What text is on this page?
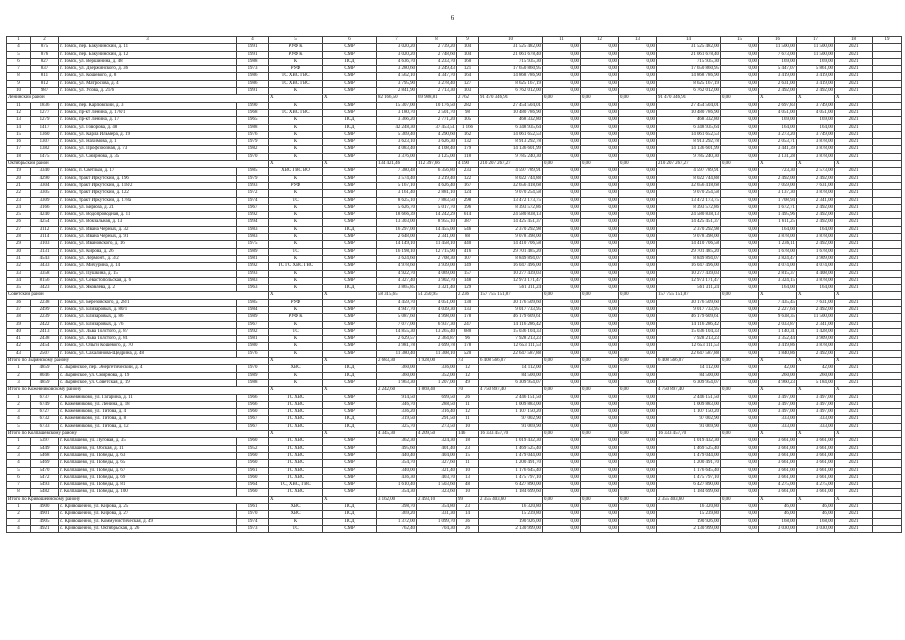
6
1	2	3	4	5	6	7	8	9	10	11	12	13	14	15	16	17	18	19
4	875	г. Томск, пер. Бакунинский, д. 11	1991	РУФ К	СМР	3 020,20	2 739,20	104	31 525 482,00	0,00	0,00	0,00	31 525 482,00	0,00	11 500,00	11 500,00	2021	
5	876	г. Томск, пер. Бакунинский, д. 12	1991	РУФ К	СМР	3 020,20	2 748,60	104	21 061 678,40	0,00	0,00	0,00	21 061 678,40	0,00	7 673,00	11 500,00	2021	
6	827	г. Томск, ул. Вершинина, д. 48	1988	К	ПСД	4 636,70	4 233,70	160	715 935,30	0,00	0,00	0,00	715 935,30	0,00	169,00	169,00	2021	
7	837	г. Томск, ул. Дзержинского, д. 36	1973	РУФ	СМР	3 280,60	3 249,43	121	17 650 860,95	0,00	0,00	0,00	17 650 860,95	0,00	5 447,07	5 861,00	2021	
8	811	г. Томск, ул. Кошевого, д. 8	1986	ТС ХВС ГВС	СМР	4 562,10	4 347,70	164	14 868 786,90	0,00	0,00	0,00	14 868 786,90	0,00	3 419,00	3 419,00	2021	
9	812	г. Томск, ул. Матросова, д. 4	1986	ТС ХВС ГВС	СМР	3 795,90	3 278,40	127	8 625 167,19	0,00	0,00	0,00	8 625 167,19	0,00	2 631,00	3 419,00	2021	
10	987	г. Томск, ул. Усова, д. 21/6	1991	К	СМР	2 841,90	2 713,30	103	6 762 012,00	0,00	0,00	0,00	6 762 012,00	0,00	2 492,00	2 492,00	2021	
Ленинский район				X	X	82 166,50	69 988,81	2 762	91 470 346,91	0,00	0,00	0,00	91 470 346,91	0,00	X	X	X	
11	1836	г. Томск, пер. Карповский, д. 3	1990	К	СМР	15 307,00	10 176,50	282	27 454 504,01	0,00	0,00	0,00	27 454 504,01	0,00	2 697,83	3 749,00	2021	
12	1277	г. Томск, пр-кт Ленина, д. 178/1	1968	ТС ХВС ГВС	СМР	3 180,70	2 501,70	98	10 480 786,90	0,00	0,00	0,00	10 480 786,90	0,00	4 051,00	4 051,00	2021	
13	1279	г. Томск, пр-кт Ленина, д. 17	1965	К	ПСД	3 366,20	2 771,20	105	468 332,80	0,00	0,00	0,00	468 332,80	0,00	169,00	169,00	2021	
14	1417	г. Томск, ул. Говорова, д. 48	1988	К	ПСД	42 248,30	37 453,51	1 166	6 348 935,64	0,00	0,00	0,00	6 348 935,64	0,00	164,00	164,00	2021	
15	1360	г. Томск, ул. Карла Ильмера, д. 19	1976	К	СМР	5 369,40	4 290,60	162	14 061 652,53	0,00	0,00	0,00	14 061 652,53	0,00	3 273,20	3 749,00	2021	
16	1307	г. Томск, ул. Нахимова, д. 1	1979	К	СМР	3 623,10	3 626,30	132	8 913 292,78	0,00	0,00	0,00	8 913 292,78	0,00	2 053,71	3 878,00	2021	
17	1382	г. Томск, ул. Профсоюзная, д. 73	1982	К	СМР	4 083,40	4 108,40	179	14 136 601,99	0,00	0,00	0,00	14 136 601,99	0,00	3 441,39	3 878,00	2021	
18	1475	г. Томск, ул. Смирнова, д. 35	1970	К	СМР	3 376,00	3 125,00	118	9 785 240,30	0,00	0,00	0,00	9 785 240,30	0,00	3 131,28	3 878,00	2021	
Октябрьский район				X	X	134 421,46	112 397,66	4 190	210 207 267,27	0,00	0,00	0,00	210 207 267,27	0,00	X	X	X	
19	3340	г. Томск, п. Светлый, д. 17	1985	ХВС ГВС ВО	СМР	7 380,48	6 356,80	233	4 597 789,91	0,00	0,00	0,00	4 597 789,91	0,00	723,30	2 573,00	2021	
20	4290	г. Томск, тракт Иркутский, д. 196	1979	К	СМР	3 574,40	3 219,40	122	8 022 744,88	0,00	0,00	0,00	8 022 744,88	0,00	2 492,00	2 492,00	2021	
21	3304	г. Томск, тракт Иркутский, д. 118/2	1993	РУФ	СМР	5 167,10	4 626,40	167	32 656 418,68	0,00	0,00	0,00	32 656 418,68	0,00	7 059,00	7 631,00	2021	
22	3305	г. Томск, тракт Иркутский, д. 122	1972	К	СМР	3 161,40	2 881,10	124	9 070 254,58	0,00	0,00	0,00	9 070 254,58	0,00	3 137,30	3 878,00	2021	
23	3309	г. Томск, тракт Иркутский, д. 178а	1974	ТС	СМР	8 625,10	7 883,50	298	13 472 173,75	0,00	0,00	0,00	13 472 173,75	0,00	1 708,94	2 341,00	2021	
24	3166	г. Томск, ул. Бирюза, д. 21	1967	К	СМР	5 626,70	5 017,70	196	8 393 572,86	0,00	0,00	0,00	8 393 572,86	0,00	1 672,71	2 492,00	2021	
25	4240	г. Томск, ул. Водопроводная, д. 11	1992	К	СМР	18 666,39	14 242,29	614	24 580 838,13	0,00	0,00	0,00	24 580 838,13	0,00	1 495,96	2 492,00	2021	
26	4254	г. Томск, ул. Вокзальная, д. 13	1994	К	СМР	13 303,00	8 955,10	387	14 425 451,37	0,00	0,00	0,00	14 425 451,37	0,00	1 611,25	2 492,00	2021	
27	3112	г. Томск, ул. Ивана Черных, д. 32	1983	К	ПСД	16 297,00	14 455,00	546	2 370 292,98	0,00	0,00	0,00	2 370 292,98	0,00	164,00	164,00	2021	
28	3114	г. Томск, ул. Ивана Черных, д. 91	1983	К	СМР	2 648,00	2 341,00	88	9 078 398,00	0,00	0,00	0,00	9 078 398,00	0,00	3 878,00	3 878,00	2021	
29	3103	г. Томск, ул. Ивановского, д. 16	1975	К	СМР	14 149,10	11 458,10	440	14 410 706,58	0,00	0,00	0,00	14 410 706,58	0,00	1 236,11	2 492,00	2021	
30	3131	г. Томск, ул. Кирова, д. 26	1989	ТС	СМР	16 198,10	12 715,90	416	29 701 485,20	0,00	0,00	0,00	29 701 485,20	0,00	1 678,00	1 678,00	2021	
31	4543	г. Томск, ул. Лермонт., д. 3/2	1981	К	СМР	3 624,60	2 708,30	107	8 849 894,07	0,00	0,00	0,00	8 849 894,07	0,00	3 824,47	3 909,00	2021	
32	3433	г. Томск, ул. Мичурина, д. 14	1992	ТС ГС ХВС ГВС	СМР	4 978,60	3 939,00	149	16 047 496,00	0,00	0,00	0,00	16 047 496,00	0,00	4 074,00	4 074,00	2021	
33	3358	г. Томск, ул. Пушкина, д. 15	1993	К	СМР	4 922,70	4 069,00	157	10 277 439,03	0,00	0,00	0,00	10 277 439,03	0,00	2 815,37	4 408,00	2021	
34	8156	г. Томск, ул. Севастопольская, д. 6	1983	К	СМР	4 327,40	3 902,70	148	12 973 171,47	0,00	0,00	0,00	12 973 171,47	0,00	3 324,15	3 878,00	2021	
35	3423	г. Томск, ул. Яковлева, д. 2	1963	К	ПСД	3 865,85	3 321,40	129	561 311,24	0,00	0,00	0,00	561 311,24	0,00	164,00	164,00	2021	
Советский район				X	X	58 315,65	51 250,95	2 236	157 755 151,87	0,00	0,00	0,00	157 755 151,87	0,00	X	X	X	
36	2238	г. Томск, ул. Березовского, д. 28/1	1985	РУФ	СМР	4 459,70	4 051,00	130	30 176 509,60	0,00	0,00	0,00	30 176 509,60	0,00	7 435,45	7 631,00	2021	
37	2499	г. Томск, ул. Елизаровых, д. 80/1	1984	К	СМР	4 947,70	4 039,30	133	9 017 733,95	0,00	0,00	0,00	9 017 733,95	0,00	2 227,64	2 492,00	2021	
38	2239	г. Томск, ул. Елизаровых, д. 86	1989	РУФ К	СМР	5 087,60	4 998,00	178	46 179 609,61	0,00	0,00	0,00	46 179 609,61	0,00	9 638,35	11 500,00	2021	
39	2422	г. Томск, ул. Елизаровых, д. 76	1967	К	СМР	7 077,00	6 937,30	247	14 116 286,42	0,00	0,00	0,00	14 116 286,42	0,00	2 033,87	2 341,00	2021	
40	2413	г. Томск, ул. Льва Толстого, д. 87	1992	ТС	СМР	14 855,30	13 265,40	680	15 036 104,33	0,00	0,00	0,00	15 036 104,33	0,00	1 140,31	1 428,00	2021	
41	2438	г. Томск, ул. Льва Толстого, д. 81	1981	К	СМР	2 629,57	2 364,87	96	7 928 213,23	0,00	0,00	0,00	7 928 213,23	0,00	3 352,44	3 909,00	2021	
42	2454	г. Томск, ул. Ольги Кошевого, д. 70	1980	К	СМР	3 981,78	3 699,78	178	12 653 111,53	0,00	0,00	0,00	12 653 111,53	0,00	3 419,86	3 878,00	2021	
43	2507	г. Томск, ул. Сахалинова-Щедрина, д. 48	1976	К	СМР	11 380,40	11 308,10	520	22 647 587,88	0,00	0,00	0,00	22 647 587,88	0,00	1 840,86	2 492,00	2021	
Итого по Зырянскому району				X	X	2 683,30	1 928,00	73	6 408 566,07	0,00	0,00	0,00	6 408 566,07	0,00	X	X	X	
1	4859	с. Зырянское, пер. Энергетический, д. 4	1970	ХВС	ПСД	360,00	336,00	12	14 112,00	0,00	0,00	0,00	14 112,00	0,00	42,00	42,00	2021	
2	8046	с. Зырянское, ул. Смирнова, д. 19	1989	К	ПСД	360,00	352,00	12	84 500,00	0,00	0,00	0,00	84 500,00	0,00	260,00	260,00	2021	
3	4859	с. Зырянское, ул. Советская, д. 19	1988	К	СМР	1 963,30	1 207,00	49	6 309 954,07	0,00	0,00	0,00	6 309 954,07	0,00	4 960,23	5 184,00	2021	
Итого по Кожевниковскому району				X	X	2 242,60	1 869,40	70	4 750 897,40	0,00	0,00	0,00	4 750 897,40	0,00	X	X	X	
1	6737	с. Кожевниково, ул. Гагарина, д. 11	1966	ТС ХВС	СМР	914,50	699,50	26	2 446 151,50	0,00	0,00	0,00	2 446 151,50	0,00	3 497,00	3 497,00	2021	
2	6749	с. Кожевниково, ул. Ленина, д. 18	1966	ТС ХВС	СМР	346,70	288,50	11	1 009 883,00	0,00	0,00	0,00	1 009 883,00	0,00	3 497,00	3 497,00	2021	
3	6727	с. Кожевниково, ул. Титова, д. 4	1960	ТС ХВС	СМР	336,20	316,40	12	1 107 150,20	0,00	0,00	0,00	1 107 150,20	0,00	3 497,00	3 497,00	2021	
4	6732	с. Кожевниково, ул. Титова, д. 8	1967	ТС ХВС	ПСД	319,50	291,50	11	97 002,90	0,00	0,00	0,00	97 002,90	0,00	333,00	333,00	2021	
5	6733	с. Кожевниково, ул. Титова, д. 12	1967	ТС ХВС	ПСД	325,70	273,50	10	91 069,90	0,00	0,00	0,00	91 069,90	0,00	333,00	333,00	2021	
Итого по Колпашевскому району				X	X	4 345,30	4 209,50	146	16 333 457,70	0,00	0,00	0,00	16 333 457,70	0,00	X	X	X	
1	5397	г. Колпашево, ул. Луговая, д. 35	1960	ТС ХВС	СМР	362,30	324,30	18	1 019 432,30	0,00	0,00	0,00	1 019 432,30	0,00	3 661,00	3 661,00	2021	
2	5449	г. Колпашево, ул. Обская, д. 11	1952	ТС ХВС	СМР	495,60	401,40	23	1 469 525,40	0,00	0,00	0,00	1 469 525,40	0,00	3 661,00	3 661,00	2021	
3	5468	г. Колпашево, ул. Победы, д. 63	1960	ТС ХВС	СМР	440,40	404,00	15	1 479 044,00	0,00	0,00	0,00	1 479 044,00	0,00	3 661,00	3 661,00	2021	
4	5469	г. Колпашево, ул. Победы, д. 65	1960	ТС ХВС	СМР	354,70	327,60	11	1 200 491,70	0,00	0,00	0,00	1 200 491,70	0,00	3 661,00	3 661,00	2021	
5	5470	г. Колпашево, ул. Победы, д. 67	1961	ТС ХВС	СМР	340,00	321,40	10	1 176 645,40	0,00	0,00	0,00	1 176 645,40	0,00	3 661,00	3 661,00	2021	
6	5472	г. Колпашево, ул. Победы, д. 69	1960	ТС ХВС	СМР	436,30	403,70	13	1 475 797,10	0,00	0,00	0,00	1 475 797,10	0,00	3 661,00	3 661,00	2021	
7	5493	г. Колпашево, ул. Победы, д. 81	1964	ТС, ХВС, ГВС	СМР	1 610,40	1 503,60	48	6 427 890,00	0,00	0,00	0,00	6 427 890,00	0,00	4 275,00	4 275,00	2021	
8	5482	г. Колпашево, ул. Победы, д. 100	1960	ТС ХВС	СМР	354,30	323,60	10	1 184 699,60	0,00	0,00	0,00	1 184 699,60	0,00	3 661,00	3 661,00	2021	
Итого по Кривошеинскому району				X	X	3 162,00	2 493,10	99	2 355 403,60	0,00	0,00	0,00	2 355 403,60	0,00	X	X	X	
1	4900	с. Кривошеино, ул. Кирова, д. 25	1961	ХВС	ПСД	398,70	354,80	23	16 320,80	0,00	0,00	0,00	16 320,80	0,00	46,00	46,00	2021	
2	4901	с. Кривошеино, ул. Кирова, д. 27	1970	ХВС	ПСД	369,20	331,30	14	15 239,80	0,00	0,00	0,00	15 239,80	0,00	46,00	46,00	2021	
3	4905	с. Кривошеино, ул. Коммунистическая, д. 49	1974	К	ПСД	1 372,00	1 099,70	36	190 926,00	0,00	0,00	0,00	190 926,00	0,00	168,00	168,00	2021	
4	4921	с. Кривошеино, ул. Октябрьская, д. 26	1973	ТС	СМР	762,40	704,30	26	2 130 999,00	0,00	0,00	0,00	2 130 999,00	0,00	3 030,00	3 030,00	2021	
